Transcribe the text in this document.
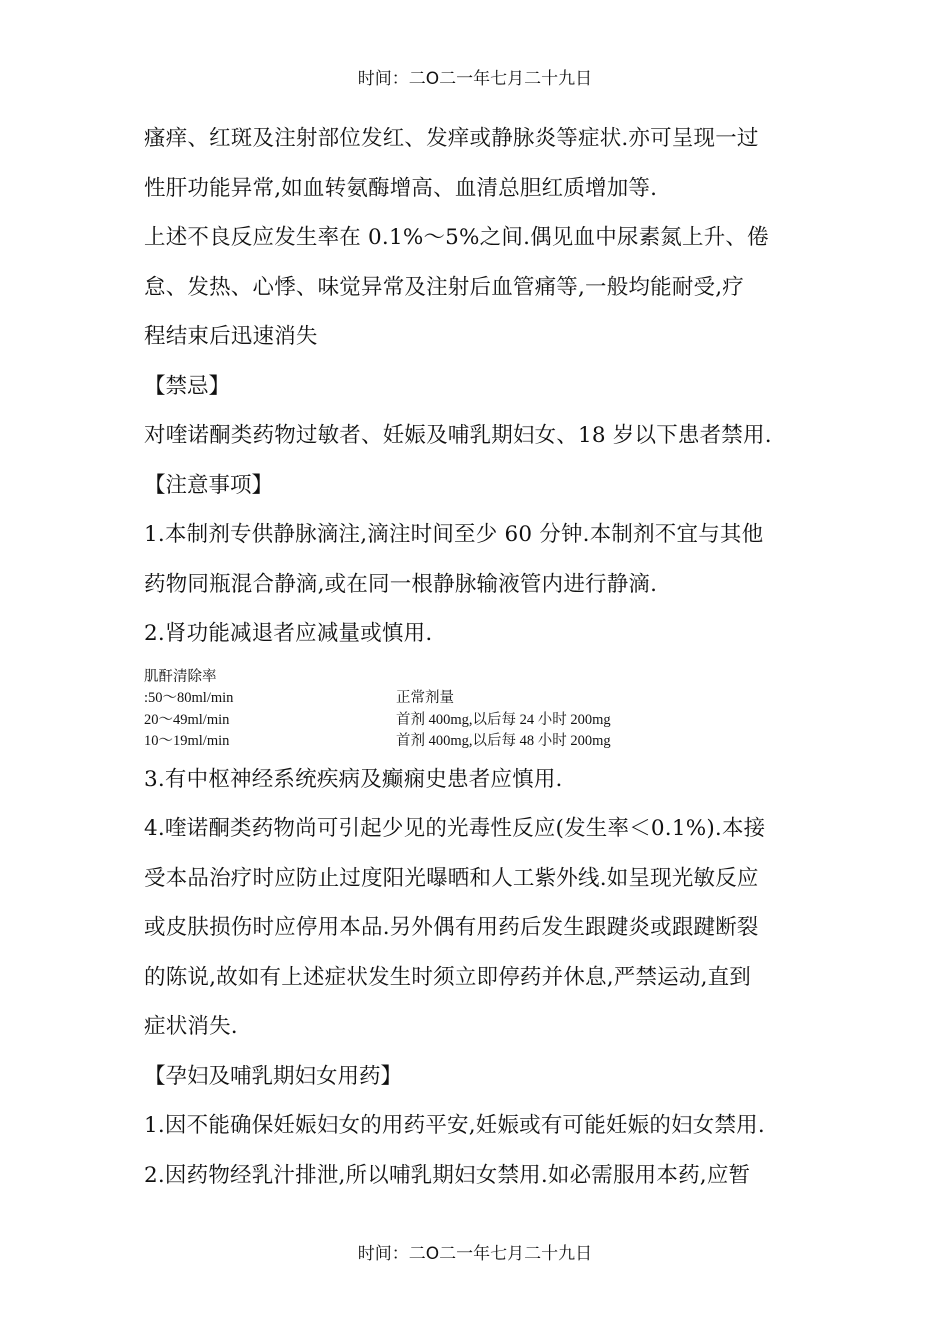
时间：二O二一年七月二十九日

瘙痒、红斑及注射部位发红、发痒或静脉炎等症状.亦可呈现一过

性肝功能异常,如血转氨酶增高、血清总胆红质增加等.

上述不良反应发生率在 0.1%～5%之间.偶见血中尿素氮上升、倦

怠、发热、心悸、味觉异常及注射后血管痛等,一般均能耐受,疗

程结束后迅速消失

【禁忌】

对喹诺酮类药物过敏者、妊娠及哺乳期妇女、18 岁以下患者禁用.

【注意事项】

1.本制剂专供静脉滴注,滴注时间至少 60 分钟.本制剂不宜与其他

药物同瓶混合静滴,或在同一根静脉输液管内进行静滴.

2.肾功能减退者应减量或慎用.

肌酐清除率
:50～80ml/min	正常剂量
20～49ml/min	首剂 400mg,以后每 24 小时 200mg
10～19ml/min	首剂 400mg,以后每 48 小时 200mg

3.有中枢神经系统疾病及癫痫史患者应慎用.

4.喹诺酮类药物尚可引起少见的光毒性反应(发生率＜0.1%).本接

受本品治疗时应防止过度阳光曝晒和人工紫外线.如呈现光敏反应

或皮肤损伤时应停用本品.另外偶有用药后发生跟踺炎或跟踺断裂

的陈说,故如有上述症状发生时须立即停药并休息,严禁运动,直到

症状消失.

【孕妇及哺乳期妇女用药】

1.因不能确保妊娠妇女的用药平安,妊娠或有可能妊娠的妇女禁用.

2.因药物经乳汁排泄,所以哺乳期妇女禁用.如必需服用本药,应暂

时间：二O二一年七月二十九日
